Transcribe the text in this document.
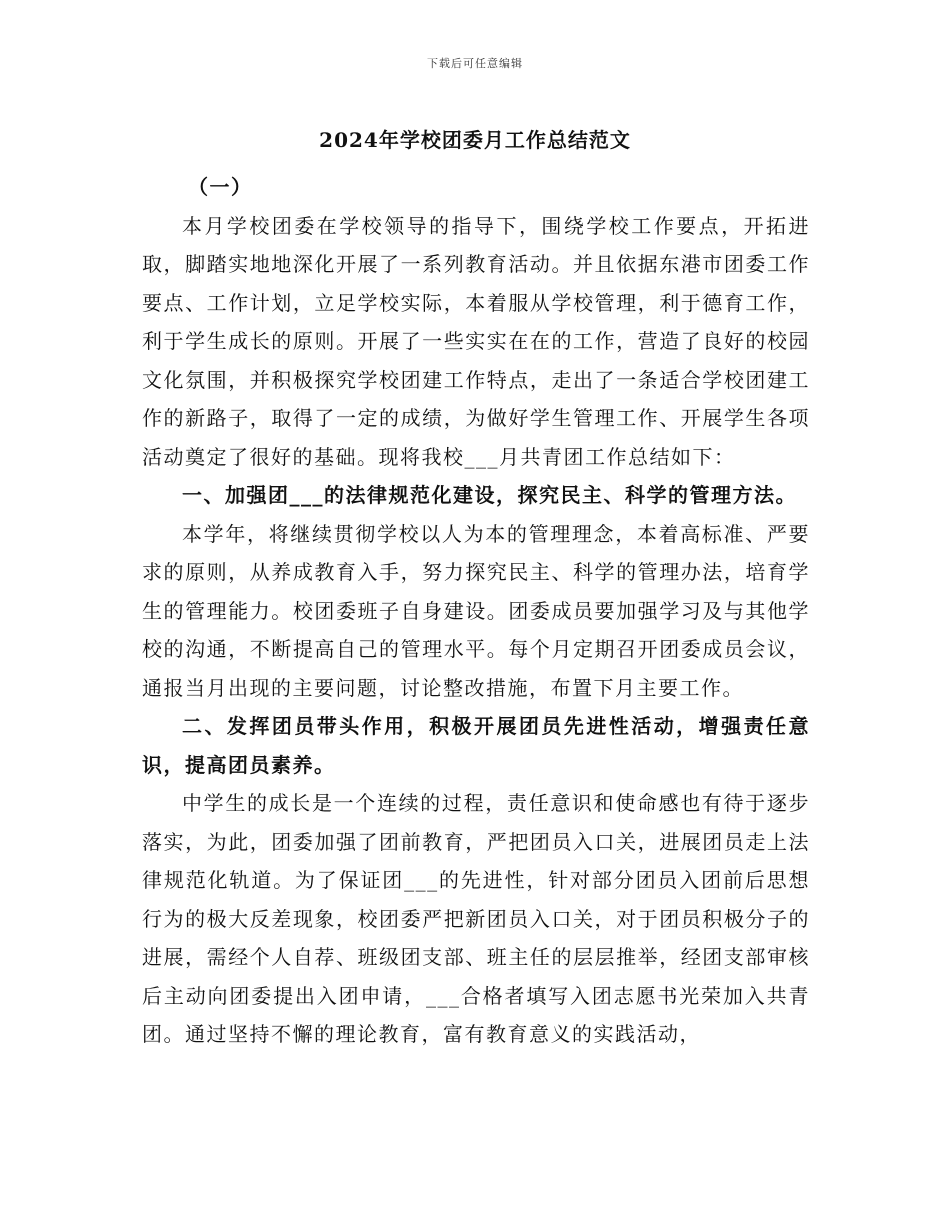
下载后可任意编辑
2024年学校团委月工作总结范文

（一）

本月学校团委在学校领导的指导下，围绕学校工作要点，开拓进取，脚踏实地地深化开展了一系列教育活动。并且依据东港市团委工作要点、工作计划，立足学校实际，本着服从学校管理，利于德育工作，利于学生成长的原则。开展了一些实实在在的工作，营造了良好的校园文化氛围，并积极探究学校团建工作特点，走出了一条适合学校团建工作的新路子，取得了一定的成绩，为做好学生管理工作、开展学生各项活动奠定了很好的基础。现将我校___月共青团工作总结如下：

一、加强团___的法律规范化建设，探究民主、科学的管理方法。

本学年，将继续贯彻学校以人为本的管理理念，本着高标准、严要求的原则，从养成教育入手，努力探究民主、科学的管理办法，培育学生的管理能力。校团委班子自身建设。团委成员要加强学习及与其他学校的沟通，不断提高自己的管理水平。每个月定期召开团委成员会议，通报当月出现的主要问题，讨论整改措施，布置下月主要工作。

二、发挥团员带头作用，积极开展团员先进性活动，增强责任意识，提高团员素养。

中学生的成长是一个连续的过程，责任意识和使命感也有待于逐步落实，为此，团委加强了团前教育，严把团员入口关，进展团员走上法律规范化轨道。为了保证团___的先进性，针对部分团员入团前后思想行为的极大反差现象，校团委严把新团员入口关，对于团员积极分子的进展，需经个人自荐、班级团支部、班主任的层层推举，经团支部审核后主动向团委提出入团申请，___合格者填写入团志愿书光荣加入共青团。通过坚持不懈的理论教育，富有教育意义的实践活动，
